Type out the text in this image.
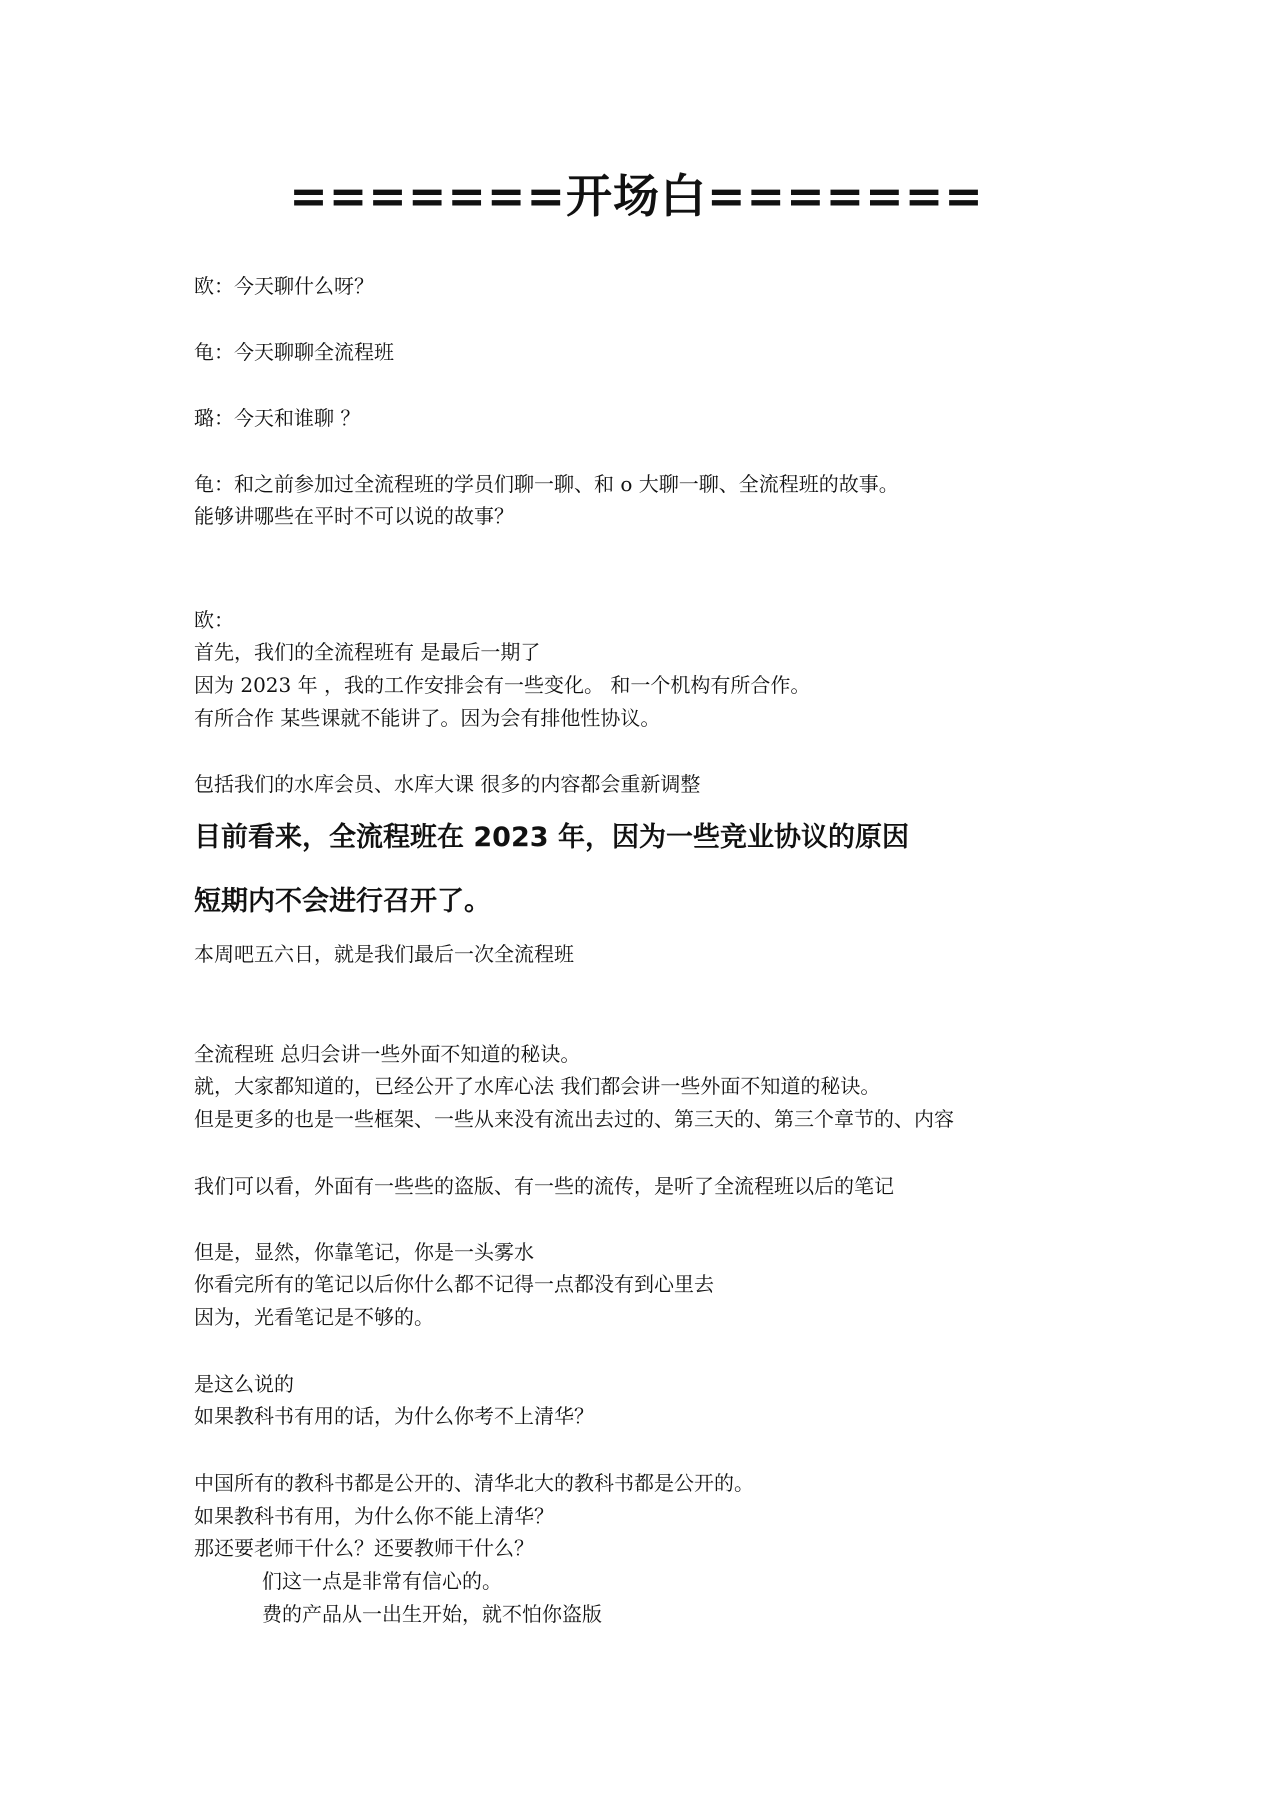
=======开场白=======
欧：今天聊什么呀？
龟：今天聊聊全流程班
璐：今天和谁聊 ？
龟：和之前参加过全流程班的学员们聊一聊、和 o 大聊一聊、全流程班的故事。
能够讲哪些在平时不可以说的故事？
欧：
首先，我们的全流程班有 是最后一期了
因为 2023 年 ，我的工作安排会有一些变化。 和一个机构有所合作。
有所合作 某些课就不能讲了。因为会有排他性协议。
包括我们的水库会员、水库大课 很多的内容都会重新调整
目前看来，全流程班在 2023 年，因为一些竞业协议的原因
短期内不会进行召开了。
本周吧五六日，就是我们最后一次全流程班
全流程班 总归会讲一些外面不知道的秘诀。
就，大家都知道的，已经公开了水库心法 我们都会讲一些外面不知道的秘诀。
但是更多的也是一些框架、一些从来没有流出去过的、第三天的、第三个章节的、内容
我们可以看，外面有一些些的盗版、有一些的流传，是听了全流程班以后的笔记
但是，显然，你靠笔记，你是一头雾水
你看完所有的笔记以后你什么都不记得一点都没有到心里去
因为，光看笔记是不够的。
是这么说的
如果教科书有用的话，为什么你考不上清华？
中国所有的教科书都是公开的、清华北大的教科书都是公开的。
如果教科书有用，为什么你不能上清华？
那还要老师干什么？还要教师干什么？
们这一点是非常有信心的。
费的产品从一出生开始，就不怕你盗版
